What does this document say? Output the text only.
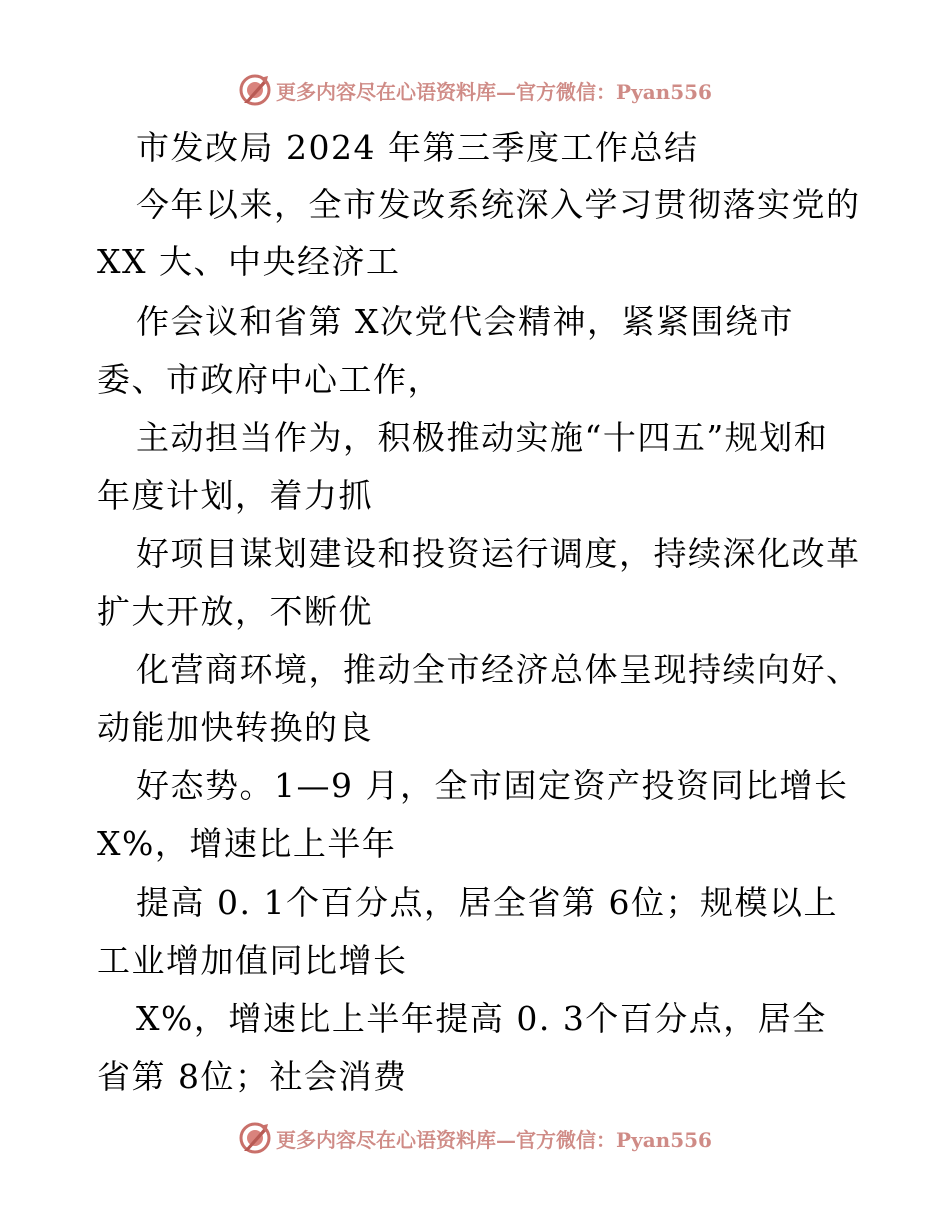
更多内容尽在心语资料库—官方微信：Pyan556
市发改局 2024 年第三季度工作总结
今年以来，全市发改系统深入学习贯彻落实党的
XX 大、中央经济工
作会议和省第 X次党代会精神，紧紧围绕市
委、市政府中心工作，
主动担当作为，积极推动实施“十四五”规划和
年度计划，着力抓
好项目谋划建设和投资运行调度，持续深化改革
扩大开放，不断优
化营商环境，推动全市经济总体呈现持续向好、
动能加快转换的良
好态势。1—9 月，全市固定资产投资同比增长
X%，增速比上半年
提高 0. 1个百分点，居全省第 6位；规模以上
工业增加值同比增长
X%，增速比上半年提高 0. 3个百分点，居全
省第 8位；社会消费
更多内容尽在心语资料库—官方微信：Pyan556
